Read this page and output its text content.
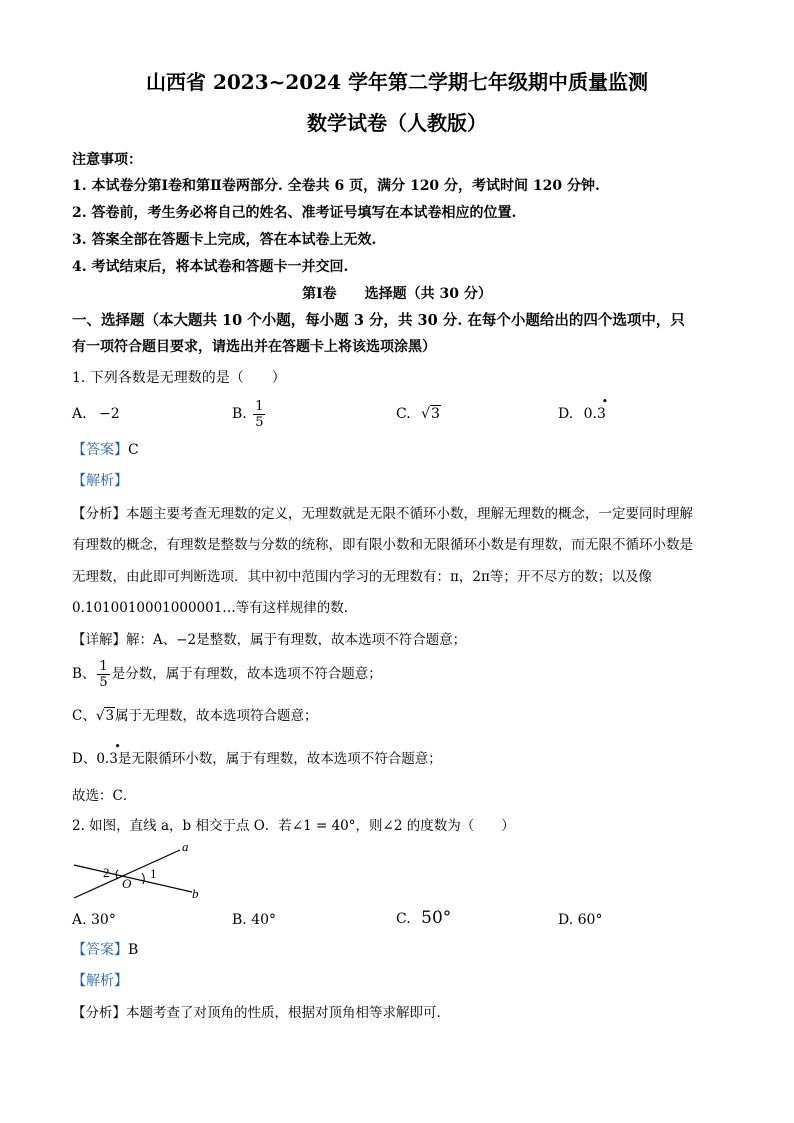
山西省 2023~2024 学年第二学期七年级期中质量监测
数学试卷（人教版）
注意事项：
1. 本试卷分第Ⅰ卷和第Ⅱ卷两部分. 全卷共 6 页，满分 120 分，考试时间 120 分钟.
2. 答卷前，考生务必将自己的姓名、准考证号填写在本试卷相应的位置.
3. 答案全部在答题卡上完成，答在本试卷上无效.
4. 考试结束后，将本试卷和答题卡一并交回.
第Ⅰ卷　　选择题（共 30 分）
一、选择题（本大题共 10 个小题，每小题 3 分，共 30 分. 在每个小题给出的四个选项中，只
有一项符合题目要求，请选出并在答题卡上将该选项涂黑）
1. 下列各数是无理数的是（　　）
A. −2	B. $\frac{1}{5}$	C. √3	D. 0.3
•
【答案】C
【解析】
【分析】本题主要考查无理数的定义，无理数就是无限不循环小数，理解无理数的概念，一定要同时理解
有理数的概念，有理数是整数与分数的统称，即有限小数和无限循环小数是有理数，而无限不循环小数是
无理数，由此即可判断选项．其中初中范围内学习的无理数有：π，2π等；开不尽方的数；以及像
0.1010010001000001…等有这样规律的数．
【详解】解：A、−2是整数，属于有理数，故本选项不符合题意；
B、 $\frac{1}{5}$ 是分数，属于有理数，故本选项不符合题意；
C、√3属于无理数，故本选项符合题意；
D、0.3
•
是无限循环小数，属于有理数，故本选项不符合题意；
故选：C．
2. 如图，直线 a，b 相交于点 O．若∠1 = 40°，则∠2 的度数为（　　）
a
b
O
1
2
A. 30°	B. 40°	C. 50°	D. 60°
【答案】B
【解析】
【分析】本题考查了对顶角的性质，根据对顶角相等求解即可．
